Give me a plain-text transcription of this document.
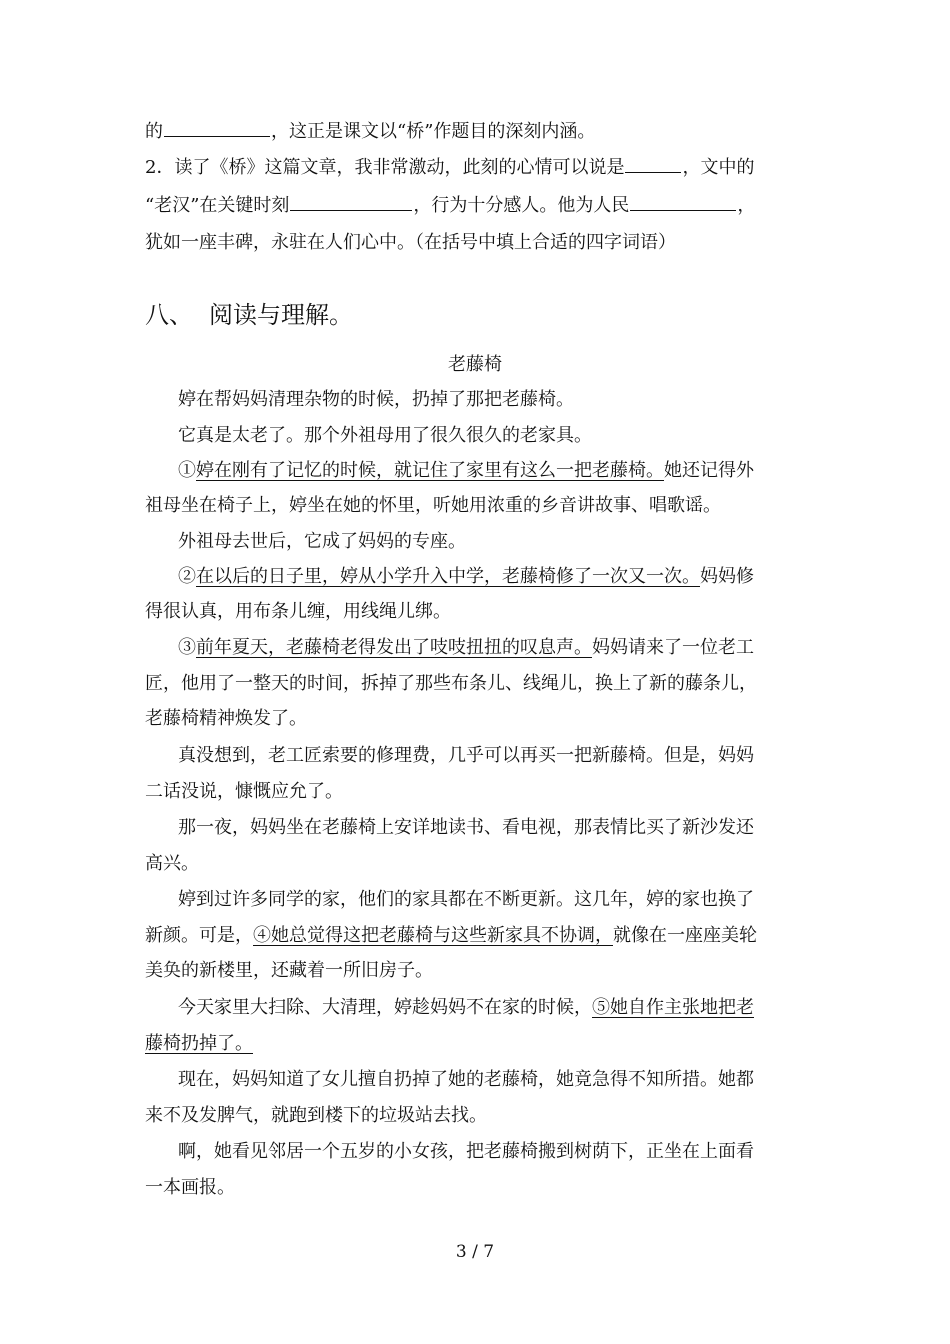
的	，这正是课文以“桥”作题目的深刻内涵。
2．读了《桥》这篇文章，我非常激动，此刻的心情可以说是	，文中的
“老汉”在关键时刻	，行为十分感人。他为人民	，
犹如一座丰碑，永驻在人们心中。（在括号中填上合适的四字词语）
八、 阅读与理解。
老藤椅
婷在帮妈妈清理杂物的时候，扔掉了那把老藤椅。
它真是太老了。那个外祖母用了很久很久的老家具。
①婷在刚有了记忆的时候，就记住了家里有这么一把老藤椅。她还记得外
祖母坐在椅子上，婷坐在她的怀里，听她用浓重的乡音讲故事、唱歌谣。
外祖母去世后，它成了妈妈的专座。
②在以后的日子里，婷从小学升入中学，老藤椅修了一次又一次。妈妈修
得很认真，用布条儿缠，用线绳儿绑。
③前年夏天，老藤椅老得发出了吱吱扭扭的叹息声。妈妈请来了一位老工
匠，他用了一整天的时间，拆掉了那些布条儿、线绳儿，换上了新的藤条儿，
老藤椅精神焕发了。
真没想到，老工匠索要的修理费，几乎可以再买一把新藤椅。但是，妈妈
二话没说，慷慨应允了。
那一夜，妈妈坐在老藤椅上安详地读书、看电视，那表情比买了新沙发还
高兴。
婷到过许多同学的家，他们的家具都在不断更新。这几年，婷的家也换了
新颜。可是，④她总觉得这把老藤椅与这些新家具不协调，就像在一座座美轮
美奂的新楼里，还藏着一所旧房子。
今天家里大扫除、大清理，婷趁妈妈不在家的时候，⑤她自作主张地把老
藤椅扔掉了。
现在，妈妈知道了女儿擅自扔掉了她的老藤椅，她竟急得不知所措。她都
来不及发脾气，就跑到楼下的垃圾站去找。
啊，她看见邻居一个五岁的小女孩，把老藤椅搬到树荫下，正坐在上面看
一本画报。
3 / 7
